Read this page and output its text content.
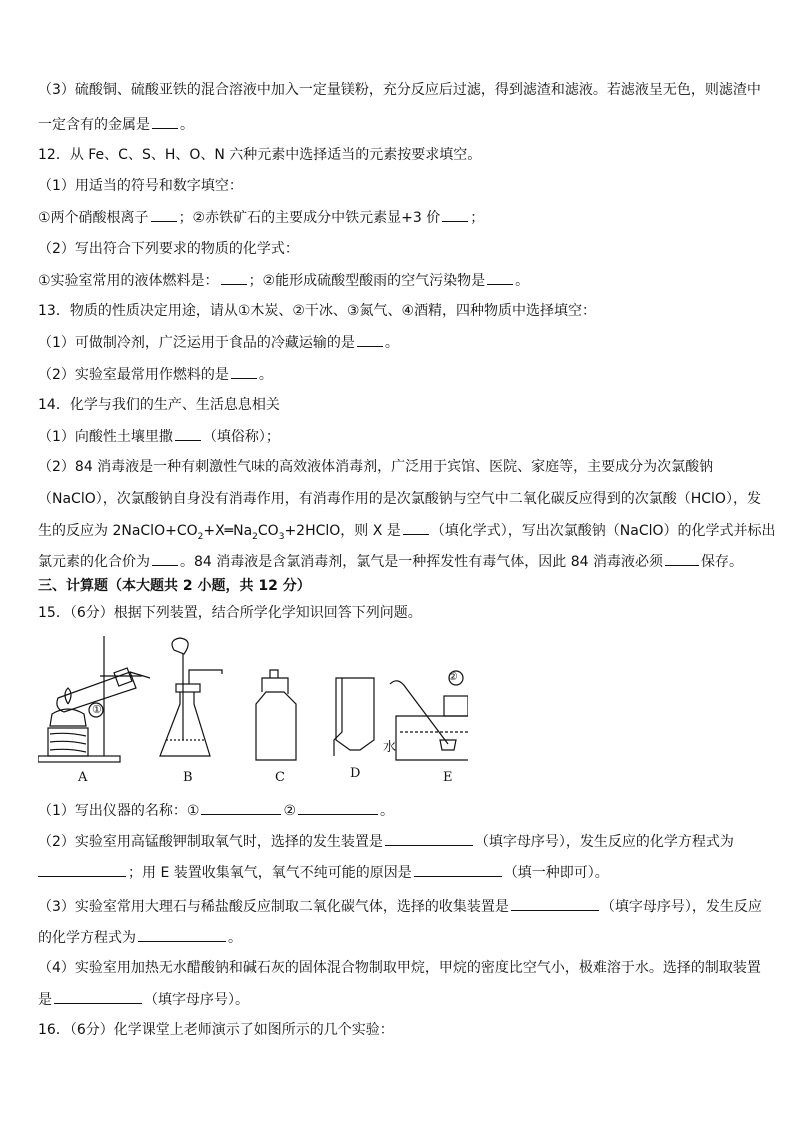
（3）硫酸铜、硫酸亚铁的混合溶液中加入一定量镁粉，充分反应后过滤，得到滤渣和滤液。若滤液呈无色，则滤渣中
一定含有的金属是 。
12．从 Fe、C、S、H、O、N 六种元素中选择适当的元素按要求填空。
（1）用适当的符号和数字填空：
①两个硝酸根离子 ；②赤铁矿石的主要成分中铁元素显+3 价 ；
（2）写出符合下列要求的物质的化学式：
①实验室常用的液体燃料是： ；②能形成硫酸型酸雨的空气污染物是 。
13．物质的性质决定用途，请从①木炭、②干冰、③氮气、④酒精，四种物质中选择填空：
（1）可做制冷剂，广泛运用于食品的冷藏运输的是 。
（2）实验室最常用作燃料的是 。
14．化学与我们的生产、生活息息相关
（1）向酸性土壤里撒 （填俗称）；
（2）84 消毒液是一种有刺激性气味的高效液体消毒剂，广泛用于宾馆、医院、家庭等，主要成分为次氯酸钠
（NaClO），次氯酸钠自身没有消毒作用，有消毒作用的是次氯酸钠与空气中二氧化碳反应得到的次氯酸（HClO），发
生的反应为 $2NaClO+CO_2+X═Na_2CO_3+2HClO$，则 X 是 （填化学式），写出次氯酸钠（NaClO）的化学式并标出
氯元素的化合价为 。84 消毒液是含氯消毒剂，氯气是一种挥发性有毒气体，因此 84 消毒液必须	保存。
三、计算题（本大题共 2 小题，共 12 分）
15．（6分）根据下列装置，结合所学化学知识回答下列问题。
①
②
水
A	B	C	D	E
（1）写出仪器的名称：①	②	。
（2）实验室用高锰酸钾制取氧气时，选择的发生装置是	（填字母序号），发生反应的化学方程式为
；用 E 装置收集氧气，氧气不纯可能的原因是	（填一种即可）。
（3）实验室常用大理石与稀盐酸反应制取二氧化碳气体，选择的收集装置是	（填字母序号），发生反应
的化学方程式为	。
（4）实验室用加热无水醋酸钠和碱石灰的固体混合物制取甲烷，甲烷的密度比空气小，极难溶于水。选择的制取装置
是	（填字母序号）。
16．（6分）化学课堂上老师演示了如图所示的几个实验：
